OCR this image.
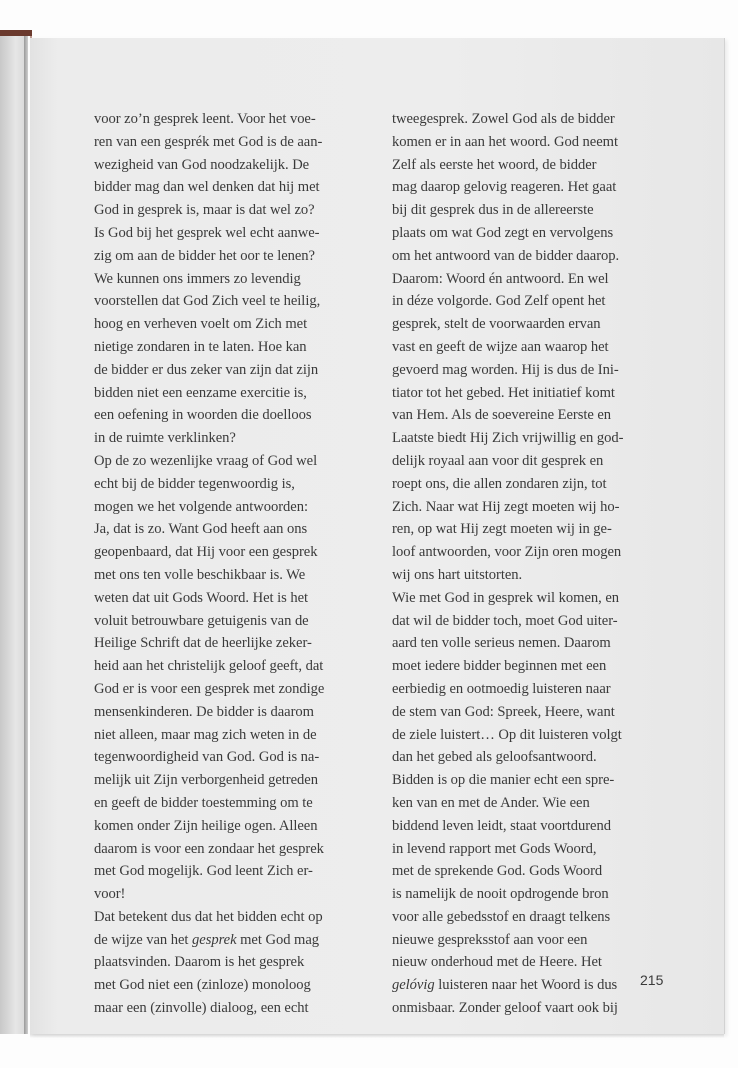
voor zo’n gesprek leent. Voor het voe-
ren van een gesprék met God is de aan-
wezigheid van God noodzakelijk. De
bidder mag dan wel denken dat hij met
God in gesprek is, maar is dat wel zo?
Is God bij het gesprek wel echt aanwe-
zig om aan de bidder het oor te lenen?
We kunnen ons immers zo levendig
voorstellen dat God Zich veel te heilig,
hoog en verheven voelt om Zich met
nietige zondaren in te laten. Hoe kan
de bidder er dus zeker van zijn dat zijn
bidden niet een eenzame exercitie is,
een oefening in woorden die doelloos
in de ruimte verklinken?
Op de zo wezenlijke vraag of God wel
echt bij de bidder tegenwoordig is,
mogen we het volgende antwoorden:
Ja, dat is zo. Want God heeft aan ons
geopenbaard, dat Hij voor een gesprek
met ons ten volle beschikbaar is. We
weten dat uit Gods Woord. Het is het
voluit betrouwbare getuigenis van de
Heilige Schrift dat de heerlijke zeker-
heid aan het christelijk geloof geeft, dat
God er is voor een gesprek met zondige
mensenkinderen. De bidder is daarom
niet alleen, maar mag zich weten in de
tegenwoordigheid van God. God is na-
melijk uit Zijn verborgenheid getreden
en geeft de bidder toestemming om te
komen onder Zijn heilige ogen. Alleen
daarom is voor een zondaar het gesprek
met God mogelijk. God leent Zich er-
voor!
Dat betekent dus dat het bidden echt op
de wijze van het gesprek met God mag
plaatsvinden. Daarom is het gesprek
met God niet een (zinloze) monoloog
maar een (zinvolle) dialoog, een echt
tweegesprek. Zowel God als de bidder
komen er in aan het woord. God neemt
Zelf als eerste het woord, de bidder
mag daarop gelovig reageren. Het gaat
bij dit gesprek dus in de allereerste
plaats om wat God zegt en vervolgens
om het antwoord van de bidder daarop.
Daarom: Woord én antwoord. En wel
in déze volgorde. God Zelf opent het
gesprek, stelt de voorwaarden ervan
vast en geeft de wijze aan waarop het
gevoerd mag worden. Hij is dus de Ini-
tiator tot het gebed. Het initiatief komt
van Hem. Als de soevereine Eerste en
Laatste biedt Hij Zich vrijwillig en god-
delijk royaal aan voor dit gesprek en
roept ons, die allen zondaren zijn, tot
Zich. Naar wat Hij zegt moeten wij ho-
ren, op wat Hij zegt moeten wij in ge-
loof antwoorden, voor Zijn oren mogen
wij ons hart uitstorten.
Wie met God in gesprek wil komen, en
dat wil de bidder toch, moet God uiter-
aard ten volle serieus nemen. Daarom
moet iedere bidder beginnen met een
eerbiedig en ootmoedig luisteren naar
de stem van God: Spreek, Heere, want
de ziele luistert… Op dit luisteren volgt
dan het gebed als geloofsantwoord.
Bidden is op die manier echt een spre-
ken van en met de Ander. Wie een
biddend leven leidt, staat voortdurend
in levend rapport met Gods Woord,
met de sprekende God. Gods Woord
is namelijk de nooit opdrogende bron
voor alle gebedsstof en draagt telkens
nieuwe gespreksstof aan voor een
nieuw onderhoud met de Heere. Het
gelóvig luisteren naar het Woord is dus
onmisbaar. Zonder geloof vaart ook bij
215
